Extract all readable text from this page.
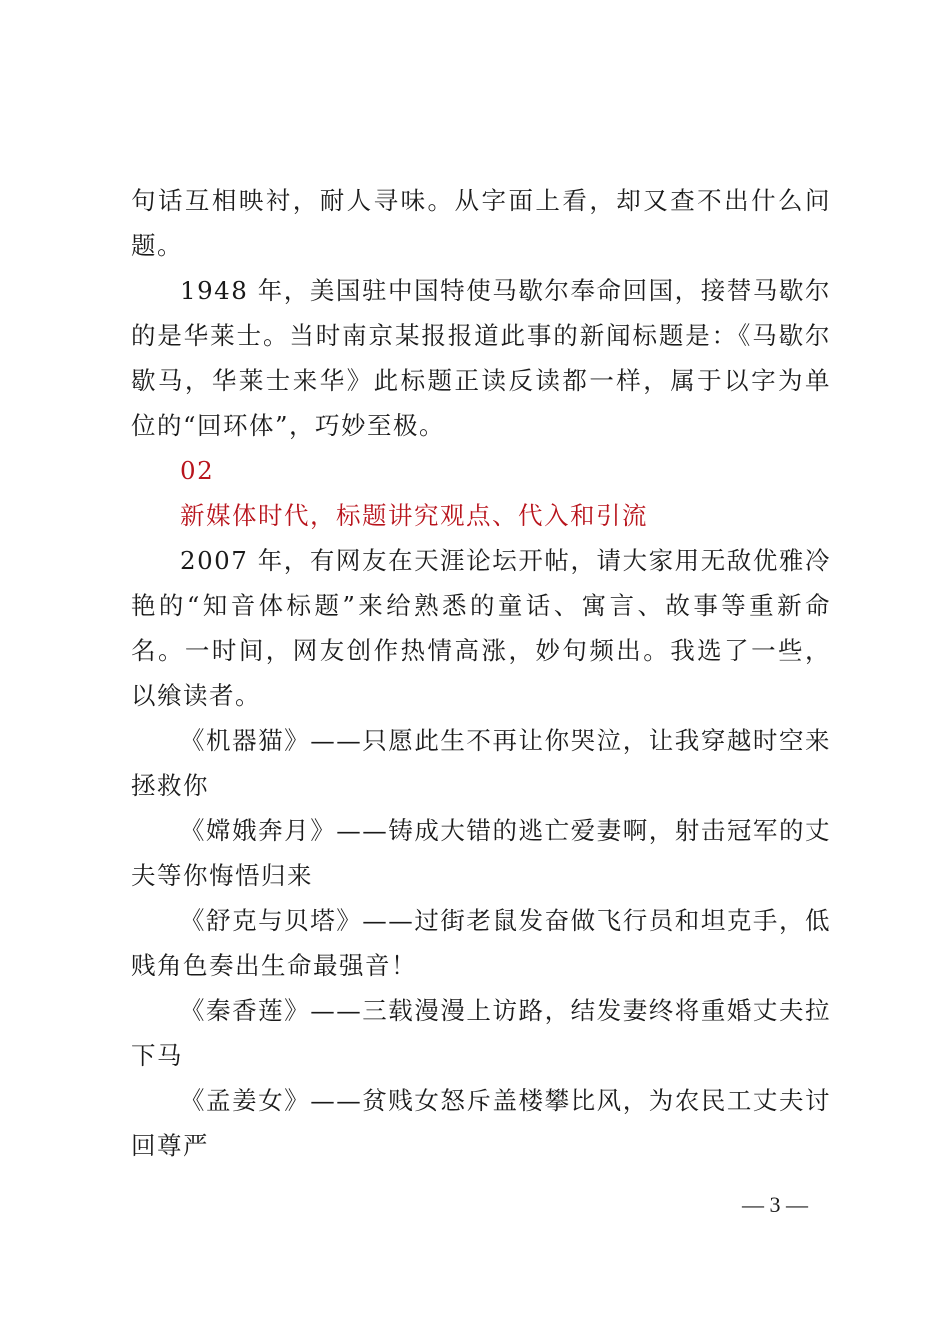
句话互相映衬，耐人寻味。从字面上看，却又查不出什么问题。

1948 年，美国驻中国特使马歇尔奉命回国，接替马歇尔的是华莱士。当时南京某报报道此事的新闻标题是：《马歇尔歇马，华莱士来华》此标题正读反读都一样，属于以字为单位的“回环体”，巧妙至极。

02

新媒体时代，标题讲究观点、代入和引流

2007 年，有网友在天涯论坛开帖，请大家用无敌优雅冷艳的“知音体标题”来给熟悉的童话、寓言、故事等重新命名。一时间，网友创作热情高涨，妙句频出。我选了一些，以飨读者。

《机器猫》——只愿此生不再让你哭泣，让我穿越时空来拯救你

《嫦娥奔月》——铸成大错的逃亡爱妻啊，射击冠军的丈夫等你悔悟归来

《舒克与贝塔》——过街老鼠发奋做飞行员和坦克手，低贱角色奏出生命最强音！

《秦香莲》——三载漫漫上访路，结发妻终将重婚丈夫拉下马

《孟姜女》——贫贱女怒斥盖楼攀比风，为农民工丈夫讨回尊严

— 3 —
